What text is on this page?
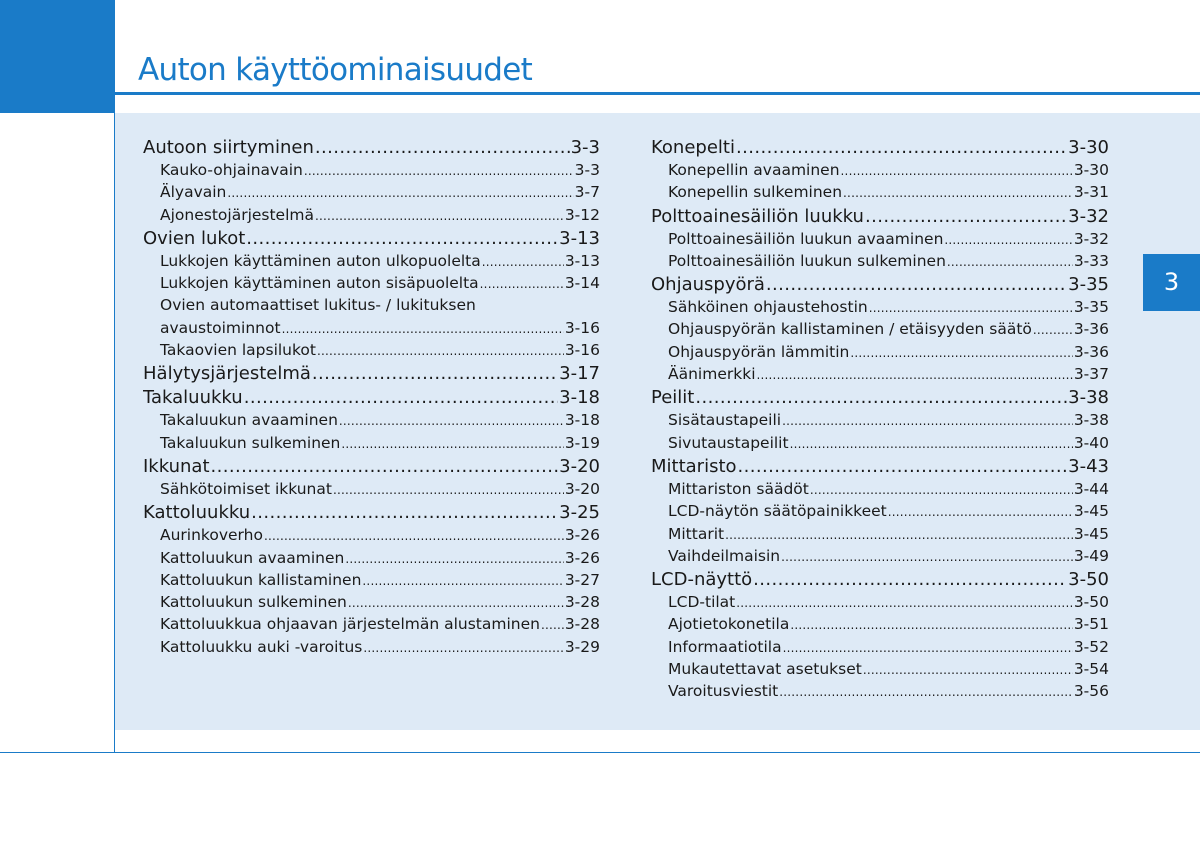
Auton käyttöominaisuudet
3
Autoon siirtyminen .....	3-3
Kauko-ohjainavain .....	3-3
Älyavain .....	3-7
Ajonestojärjestelmä .....	3-12
Ovien lukot .....	3-13
Lukkojen käyttäminen auton ulkopuolelta .....	3-13
Lukkojen käyttäminen auton sisäpuolelta .....	3-14
Ovien automaattiset lukitus- / lukituksen
avaustoiminnot .....	3-16
Takaovien lapsilukot .....	3-16
Hälytysjärjestelmä .....	3-17
Takaluukku .....	3-18
Takaluukun avaaminen .....	3-18
Takaluukun sulkeminen .....	3-19
Ikkunat .....	3-20
Sähkötoimiset ikkunat .....	3-20
Kattoluukku .....	3-25
Aurinkoverho .....	3-26
Kattoluukun avaaminen .....	3-26
Kattoluukun kallistaminen .....	3-27
Kattoluukun sulkeminen .....	3-28
Kattoluukkua ohjaavan järjestelmän alustaminen ..... 3-28
Kattoluukku auki -varoitus .....	3-29
Konepelti .....	3-30
Konepellin avaaminen .....	3-30
Konepellin sulkeminen .....	3-31
Polttoainesäiliön luukku .....	3-32
Polttoainesäiliön luukun avaaminen .....	3-32
Polttoainesäiliön luukun sulkeminen .....	3-33
Ohjauspyörä .....	3-35
Sähköinen ohjaustehostin .....	3-35
Ohjauspyörän kallistaminen / etäisyyden säätö .....	3-36
Ohjauspyörän lämmitin .....	3-36
Äänimerkki .....	3-37
Peilit .....	3-38
Sisätaustapeili .....	3-38
Sivutaustapeilit .....	3-40
Mittaristo .....	3-43
Mittariston säädöt .....	3-44
LCD-näytön säätöpainikkeet .....	3-45
Mittarit .....	3-45
Vaihdeilmaisin .....	3-49
LCD-näyttö .....	3-50
LCD-tilat .....	3-50
Ajotietokonetila .....	3-51
Informaatiotila .....	3-52
Mukautettavat asetukset .....	3-54
Varoitusviestit .....	3-56
